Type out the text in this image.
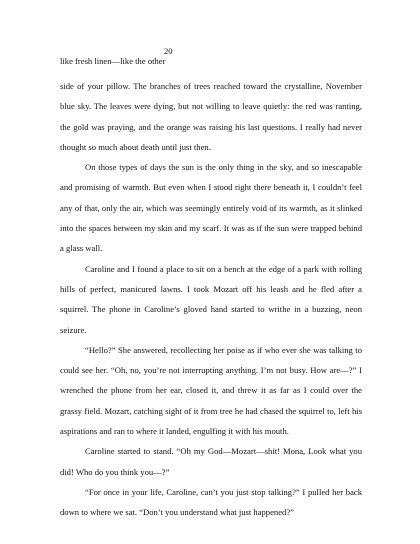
20
like fresh linen—like the other

side of your pillow. The branches of trees reached toward the crystalline, November blue sky. The leaves were dying, but not willing to leave quietly: the red was ranting, the gold was praying, and the orange was raising his last questions. I really had never thought so much about death until just then.

On those types of days the sun is the only thing in the sky, and so inescapable and promising of warmth. But even when I stood right there beneath it, I couldn’t feel any of that, only the air, which was seemingly entirely void of its warmth, as it slinked into the spaces between my skin and my scarf. It was as if the sun were trapped behind a glass wall.

Caroline and I found a place to sit on a bench at the edge of a park with rolling hills of perfect, manicured lawns. I took Mozart off his leash and he fled after a squirrel. The phone in Caroline’s gloved hand started to writhe in a buzzing, neon seizure.

“Hello?” She answered, recollecting her poise as if who ever she was talking to could see her. “Oh, no, you’re not interrupting anything. I’m not busy. How are—?” I wrenched the phone from her ear, closed it, and threw it as far as I could over the grassy field. Mozart, catching sight of it from tree he had chased the squirrel to, left his aspirations and ran to where it landed, engulfing it with his mouth.

Caroline started to stand. “Oh my God—Mozart—shit! Mona, Look what you did! Who do you think you—?”

“For once in your life, Caroline, can’t you just stop talking?” I pulled her back down to where we sat. “Don’t you understand what just happened?”
